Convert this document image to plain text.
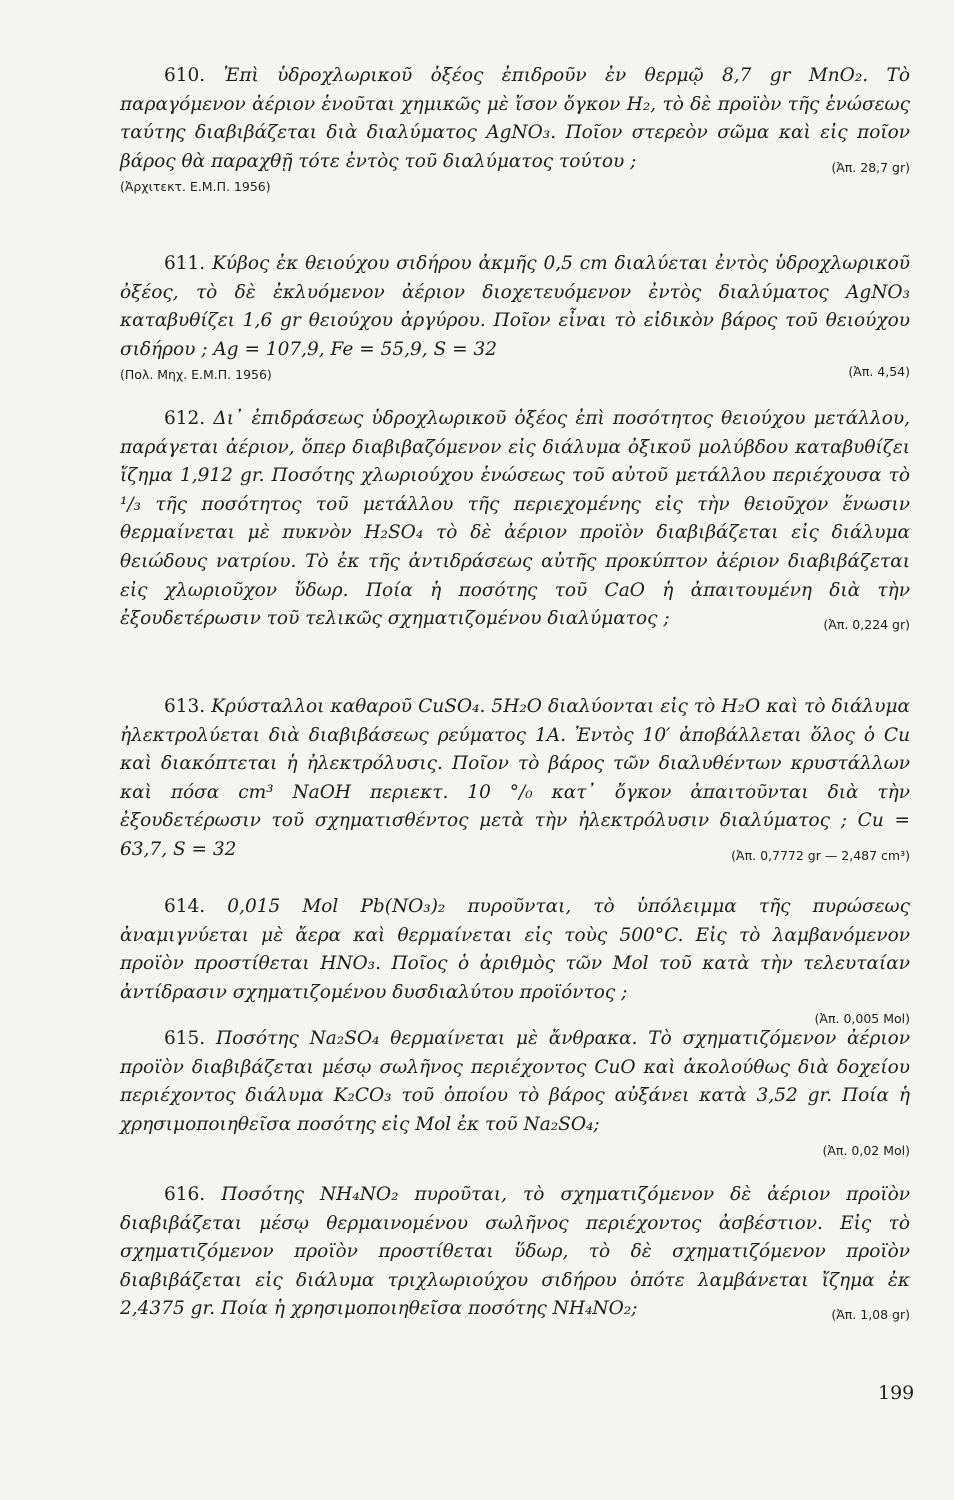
610. Ἐπὶ ὑδροχλωρικοῦ ὀξέος ἐπιδροῦν ἐν θερμῷ 8,7 gr MnO₂. Τὸ παραγόμενον ἀέριον ἑνοῦται χημικῶς μὲ ἴσον ὄγκον H₂, τὸ δὲ προϊὸν τῆς ἑνώσεως ταύτης διαβιβάζεται διὰ διαλύματος AgNO₃. Ποῖον στερεὸν σῶμα καὶ εἰς ποῖον βάρος θὰ παραχθῇ τότε ἐντὸς τοῦ διαλύματος τούτου ;	(Ἀπ. 28,7 gr)

(Ἀρχιτεκτ. Ε.Μ.Π. 1956)

611. Κύβος ἐκ θειούχου σιδήρου ἀκμῆς 0,5 cm διαλύεται ἐντὸς ὑδροχλωρικοῦ ὀξέος, τὸ δὲ ἐκλυόμενον ἀέριον διοχετευόμενον ἐντὸς διαλύματος AgNO₃ καταβυθίζει 1,6 gr θειούχου ἀργύρου. Ποῖον εἶναι τὸ εἰδικὸν βάρος τοῦ θειούχου σιδήρου ; Ag = 107,9, Fe = 55,9, S = 32

(Ἀπ. 4,54)

(Πολ. Μηχ. Ε.Μ.Π. 1956)

612. Δι᾽ ἐπιδράσεως ὑδροχλωρικοῦ ὀξέος ἐπὶ ποσότητος θειούχου μετάλλου, παράγεται ἀέριον, ὅπερ διαβιβαζόμενον εἰς διάλυμα ὀξικοῦ μολύβδου καταβυθίζει ἴζημα 1,912 gr. Ποσότης χλωριούχου ἑνώσεως τοῦ αὐτοῦ μετάλλου περιέχουσα τὸ ¹/₃ τῆς ποσότητος τοῦ μετάλλου τῆς περιεχομένης εἰς τὴν θειοῦχον ἕνωσιν θερμαίνεται μὲ πυκνὸν H₂SO₄ τὸ δὲ ἀέριον προϊὸν διαβιβάζεται εἰς διάλυμα θειώδους νατρίου. Τὸ ἐκ τῆς ἀντιδράσεως αὐτῆς προκύπτον ἀέριον διαβιβάζεται εἰς χλωριοῦχον ὕδωρ. Ποία ἡ ποσότης τοῦ CaO ἡ ἀπαιτουμένη διὰ τὴν ἐξουδετέρωσιν τοῦ τελικῶς σχηματιζομένου διαλύματος ;	(Ἀπ. 0,224 gr)

613. Κρύσταλλοι καθαροῦ CuSO₄. 5H₂O διαλύονται εἰς τὸ H₂O καὶ τὸ διάλυμα ἠλεκτρολύεται διὰ διαβιβάσεως ρεύματος 1A. Ἐντὸς 10′ ἀποβάλλεται ὅλος ὁ Cu καὶ διακόπτεται ἡ ἠλεκτρόλυσις. Ποῖον τὸ βάρος τῶν διαλυθέντων κρυστάλλων καὶ πόσα cm³ NaOH περιεκτ. 10 °/₀ κατ᾽ ὄγκον ἀπαιτοῦνται διὰ τὴν ἐξουδετέρωσιν τοῦ σχηματισθέντος μετὰ τὴν ἠλεκτρόλυσιν διαλύματος ; Cu = 63,7, S = 32	(Ἀπ. 0,7772 gr — 2,487 cm³)

614. 0,015 Mol Pb(NO₃)₂ πυροῦνται, τὸ ὑπόλειμμα τῆς πυρώσεως ἀναμιγνύεται μὲ ἄερα καὶ θερμαίνεται εἰς τοὺς 500°C. Εἰς τὸ λαμβανόμενον προϊὸν προστίθεται HNO₃. Ποῖος ὁ ἀριθμὸς τῶν Mol τοῦ κατὰ τὴν τελευταίαν ἀντίδρασιν σχηματιζομένου δυσδιαλύτου προϊόντος ;

(Ἀπ. 0,005 Mol)

615. Ποσότης Na₂SO₄ θερμαίνεται μὲ ἄνθρακα. Τὸ σχηματιζόμενον ἀέριον προϊὸν διαβιβάζεται μέσῳ σωλῆνος περιέχοντος CuO καὶ ἀκολούθως διὰ δοχείου περιέχοντος διάλυμα K₂CO₃ τοῦ ὁποίου τὸ βάρος αὐξάνει κατὰ 3,52 gr. Ποία ἡ χρησιμοποιηθεῖσα ποσότης εἰς Mol ἐκ τοῦ Na₂SO₄;

(Ἀπ. 0,02 Mol)

616. Ποσότης NH₄NO₂ πυροῦται, τὸ σχηματιζόμενον δὲ ἀέριον προϊὸν διαβιβάζεται μέσῳ θερμαινομένου σωλῆνος περιέχοντος ἀσβέστιον. Εἰς τὸ σχηματιζόμενον προϊὸν προστίθεται ὕδωρ, τὸ δὲ σχηματιζόμενον προϊὸν διαβιβάζεται εἰς διάλυμα τριχλωριούχου σιδήρου ὁπότε λαμβάνεται ἴζημα ἐκ 2,4375 gr. Ποία ἡ χρησιμοποιηθεῖσα ποσότης NH₄NO₂;	(Ἀπ. 1,08 gr)

199
